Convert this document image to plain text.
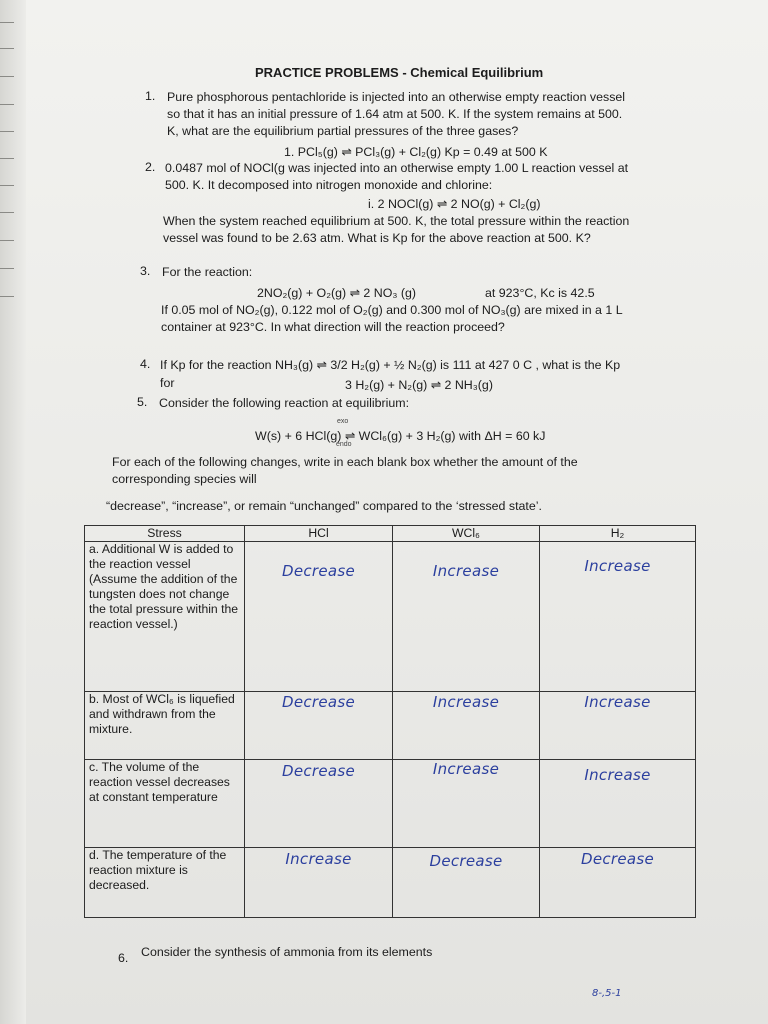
PRACTICE PROBLEMS - Chemical Equilibrium
1. Pure phosphorous pentachloride is injected into an otherwise empty reaction vessel
so that it has an initial pressure of 1.64 atm at 500. K. If the system remains at 500.
K, what are the equilibrium partial pressures of the three gases?
1. PCl₅(g) ⇌ PCl₃(g) + Cl₂(g) Kp = 0.49 at 500 K
2. 0.0487 mol of NOCl(g was injected into an otherwise empty 1.00 L reaction vessel at
500. K. It decomposed into nitrogen monoxide and chlorine:
i. 2 NOCl(g) ⇌ 2 NO(g) + Cl₂(g)
When the system reached equilibrium at 500. K, the total pressure within the reaction
vessel was found to be 2.63 atm. What is Kp for the above reaction at 500. K?
3. For the reaction:
2NO₂(g) + O₂(g) ⇌ 2 NO₃ (g)	at 923°C, Kc is 42.5
If 0.05 mol of NO₂(g), 0.122 mol of O₂(g) and 0.300 mol of NO₃(g) are mixed in a 1 L
container at 923°C. In what direction will the reaction proceed?
4. If Kp for the reaction NH₃(g) ⇌ 3/2 H₂(g) + ½ N₂(g) is 111 at 427 0 C , what is the Kp
for	3 H₂(g) + N₂(g) ⇌ 2 NH₃(g)
5. Consider the following reaction at equilibrium:
exo
endo
W(s) + 6 HCl(g) ⇌ WCl₆(g) + 3 H₂(g) with ΔH = 60 kJ
For each of the following changes, write in each blank box whether the amount of the
corresponding species will
“decrease”, “increase”, or remain “unchanged” compared to the ‘stressed state’.
Stress	HCl	WCl₆	H₂
a. Additional W is added to the reaction vessel (Assume the addition of the tungsten does not change the total pressure within the reaction vessel.)	Decrease	Increase	Increase
b. Most of WCl₆ is liquefied and withdrawn from the mixture.	Decrease	Increase	Increase
c. The volume of the reaction vessel decreases at constant temperature	Decrease	Increase	Increase
d. The temperature of the reaction mixture is decreased.	Increase	Decrease	Decrease
6. Consider the synthesis of ammonia from its elements
8-,5-1
